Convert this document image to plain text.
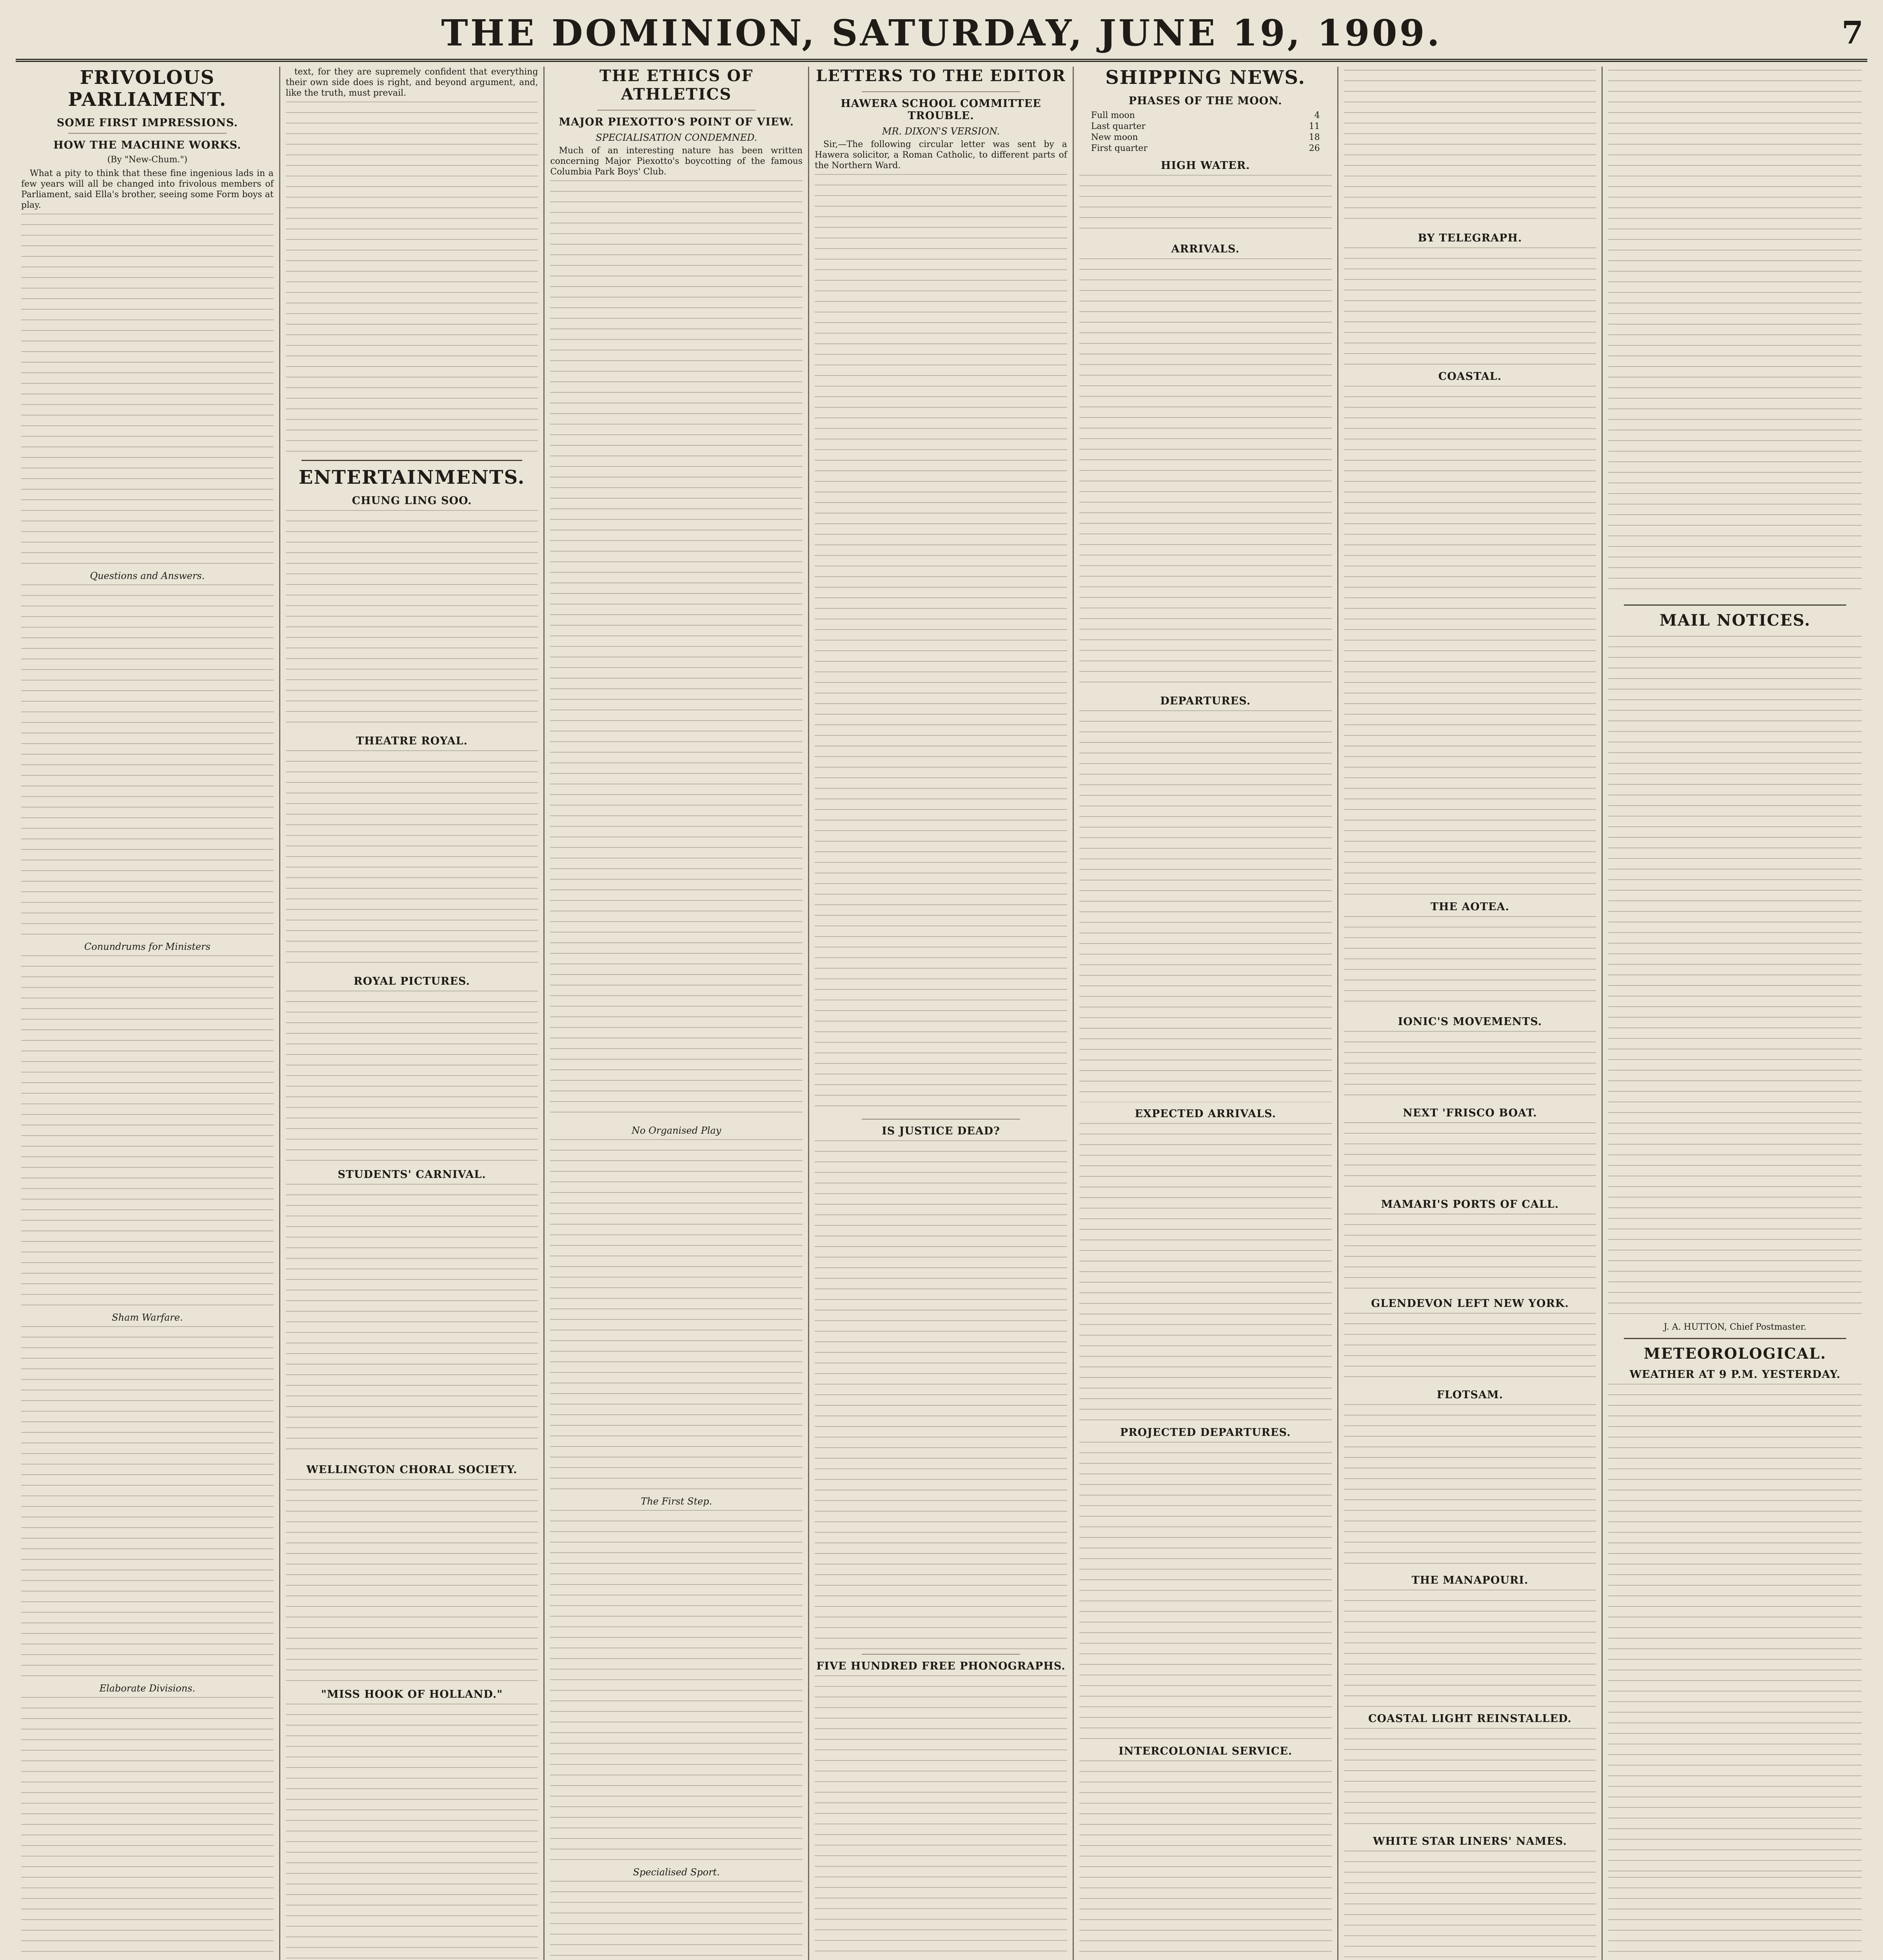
THE DOMINION, SATURDAY, JUNE 19, 1909.	7
FRIVOLOUS PARLIAMENT.
SOME FIRST IMPRESSIONS.
HOW THE MACHINE WORKS.

(By "New-Chum.")

What a pity to think that these fine ingenious lads in a few years will all be changed into frivolous members of Parliament, said Ella's brother, seeing some Form boys at play.

Questions and Answers.
Conundrums for Ministers
Sham Warfare.
Elaborate Divisions.

text, for they are supremely confident that everything their own side does is right, and beyond argument, and, like the truth, must prevail.

ENTERTAINMENTS.
CHUNG LING SOO.
THEATRE ROYAL.
ROYAL PICTURES.
STUDENTS' CARNIVAL.
WELLINGTON CHORAL SOCIETY.
"MISS HOOK OF HOLLAND."
THE ETHICS OF ATHLETICS
MAJOR PIEXOTTO'S POINT OF VIEW.
SPECIALISATION CONDEMNED.

Much of an interesting nature has been written concerning Major Piexotto's boycotting of the famous Columbia Park Boys' Club.

No Organised Play
The First Step.
Specialised Sport.
LETTERS TO THE EDITOR
HAWERA SCHOOL COMMITTEE TROUBLE.
MR. DIXON'S VERSION.

Sir,—The following circular letter was sent by a Hawera solicitor, a Roman Catholic, to different parts of the Northern Ward.

IS JUSTICE DEAD?
FIVE HUNDRED FREE PHONOGRAPHS.
SHIPPING NEWS.
PHASES OF THE MOON.
Full moon	4
Last quarter	11
New moon	18
First quarter	26
HIGH WATER.
ARRIVALS.
DEPARTURES.
EXPECTED ARRIVALS.
PROJECTED DEPARTURES.
INTERCOLONIAL SERVICE.
BY TELEGRAPH.
COASTAL.
THE AOTEA.
IONIC'S MOVEMENTS.
NEXT 'FRISCO BOAT.
MAMARI'S PORTS OF CALL.
GLENDEVON LEFT NEW YORK.
FLOTSAM.
THE MANAPOURI.
COASTAL LIGHT REINSTALLED.
WHITE STAR LINERS' NAMES.
MAIL NOTICES.

J. A. HUTTON, Chief Postmaster.

METEOROLOGICAL.
WEATHER AT 9 P.M. YESTERDAY.
